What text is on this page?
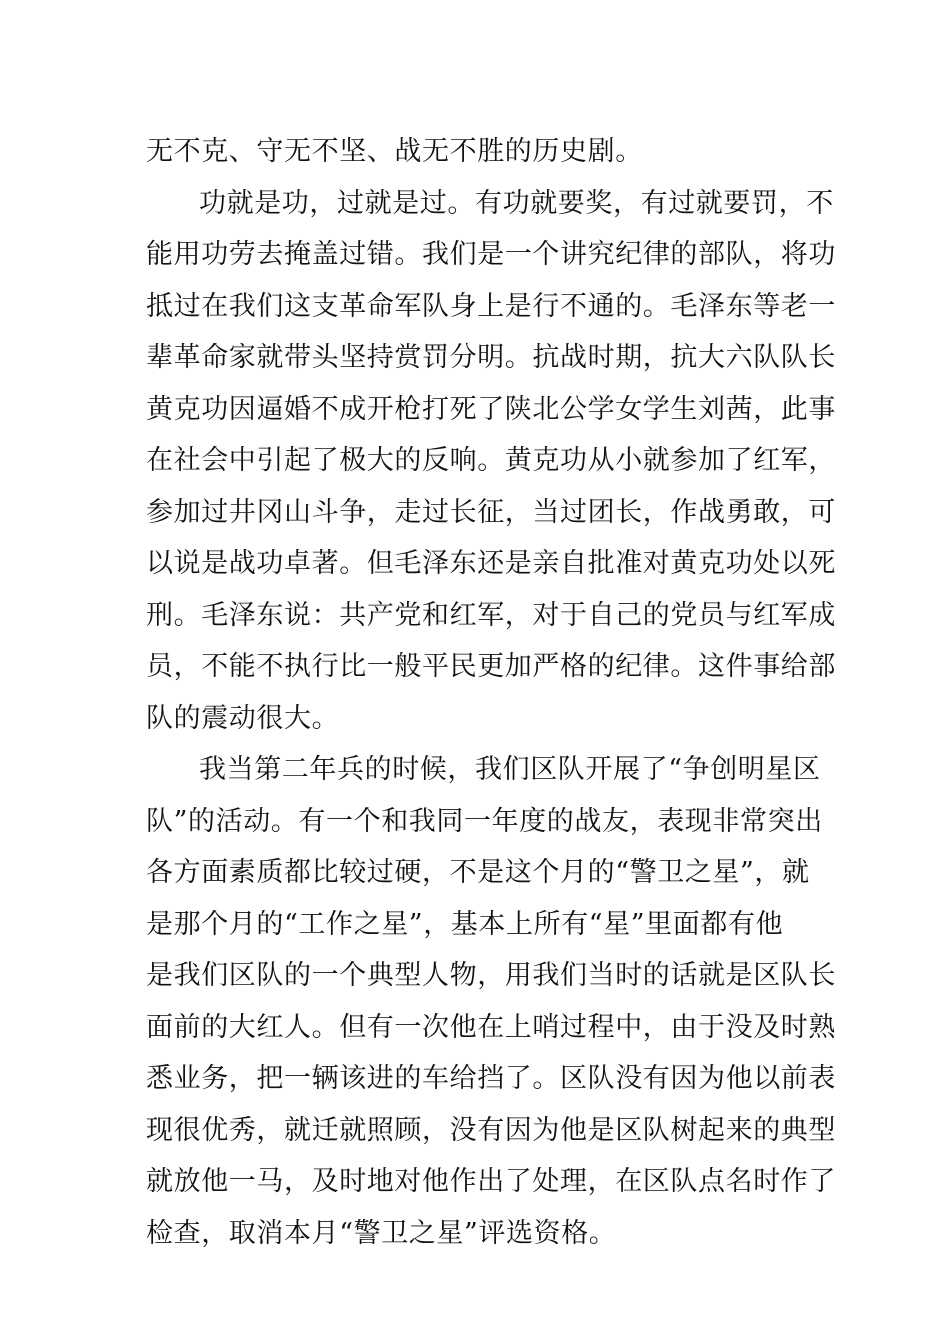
无不克、守无不坚、战无不胜的历史剧。
功就是功，过就是过。有功就要奖，有过就要罚，不
能用功劳去掩盖过错。我们是一个讲究纪律的部队，将功
抵过在我们这支革命军队身上是行不通的。毛泽东等老一
辈革命家就带头坚持赏罚分明。抗战时期，抗大六队队长
黄克功因逼婚不成开枪打死了陕北公学女学生刘茜，此事
在社会中引起了极大的反响。黄克功从小就参加了红军，
参加过井冈山斗争，走过长征，当过团长，作战勇敢，可
以说是战功卓著。但毛泽东还是亲自批准对黄克功处以死
刑。毛泽东说：共产党和红军，对于自己的党员与红军成
员，不能不执行比一般平民更加严格的纪律。这件事给部
队的震动很大。
我当第二年兵的时候，我们区队开展了“争创明星区
队”的活动。有一个和我同一年度的战友，表现非常突出
各方面素质都比较过硬，不是这个月的“警卫之星”，就
是那个月的“工作之星”，基本上所有“星”里面都有他
是我们区队的一个典型人物，用我们当时的话就是区队长
面前的大红人。但有一次他在上哨过程中，由于没及时熟
悉业务，把一辆该进的车给挡了。区队没有因为他以前表
现很优秀，就迁就照顾，没有因为他是区队树起来的典型
就放他一马，及时地对他作出了处理，在区队点名时作了
检查，取消本月“警卫之星”评选资格。
